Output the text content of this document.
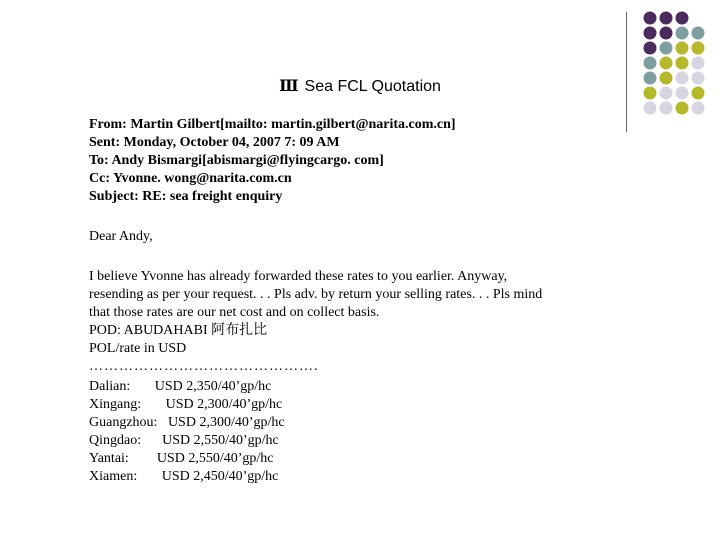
Ⅲ Sea FCL Quotation

From: Martin Gilbert[mailto: martin.gilbert@narita.com.cn]

Sent: Monday, October 04, 2007 7: 09 AM

To: Andy Bismargi[abismargi@flyingcargo. com]

Cc: Yvonne. wong@narita.com.cn

Subject: RE: sea freight enquiry

Dear Andy,

I believe Yvonne has already forwarded these rates to you earlier. Anyway, resending as per your request. . . Pls adv. by return your selling rates. . . Pls mind that those rates are our net cost and on collect basis.

POD: ABUDAHABI 阿布扎比

POL/rate in USD

……………………………………….

Dalian: USD 2,350/40’gp/hc
Xingang: USD 2,300/40’gp/hc
Guangzhou: USD 2,300/40’gp/hc
Qingdao: USD 2,550/40’gp/hc
Yantai: USD 2,550/40’gp/hc
Xiamen: USD 2,450/40’gp/hc
